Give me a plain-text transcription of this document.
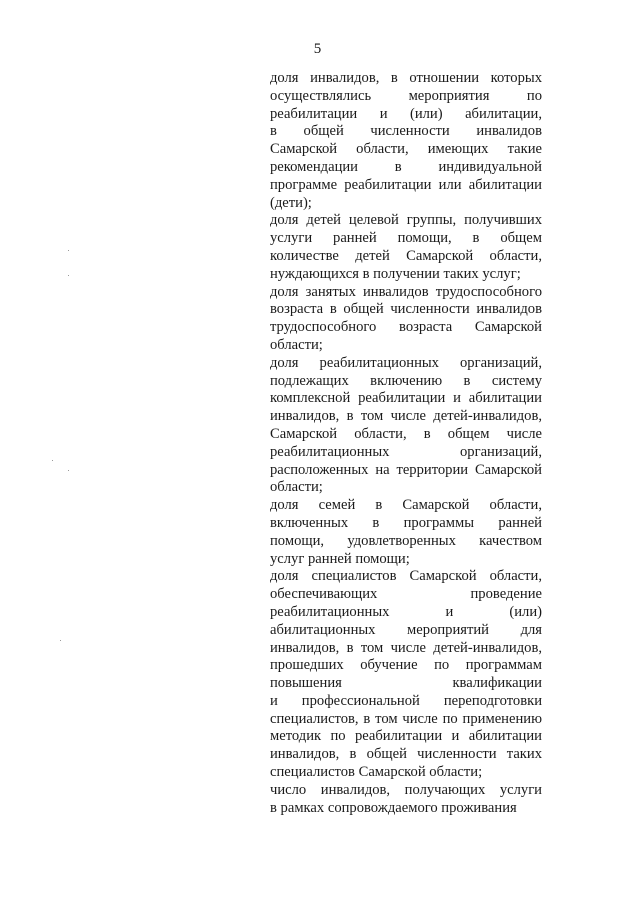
5
доля инвалидов, в отношении которых
осуществлялись мероприятия по
реабилитации и (или) абилитации,
в общей численности инвалидов
Самарской области, имеющих такие
рекомендации в индивидуальной
программе реабилитации или абилитации
(дети);
доля детей целевой группы, получивших
услуги ранней помощи, в общем
количестве детей Самарской области,
нуждающихся в получении таких услуг;
доля занятых инвалидов трудоспособного
возраста в общей численности инвалидов
трудоспособного возраста Самарской
области;
доля реабилитационных организаций,
подлежащих включению в систему
комплексной реабилитации и абилитации
инвалидов, в том числе детей-инвалидов,
Самарской области, в общем числе
реабилитационных организаций,
расположенных на территории Самарской
области;
доля семей в Самарской области,
включенных в программы ранней
помощи, удовлетворенных качеством
услуг ранней помощи;
доля специалистов Самарской области,
обеспечивающих проведение
реабилитационных и (или)
абилитационных мероприятий для
инвалидов, в том числе детей-инвалидов,
прошедших обучение по программам
повышения квалификации
и профессиональной переподготовки
специалистов, в том числе по применению
методик по реабилитации и абилитации
инвалидов, в общей численности таких
специалистов Самарской области;
число инвалидов, получающих услуги
в рамках сопровождаемого проживания
